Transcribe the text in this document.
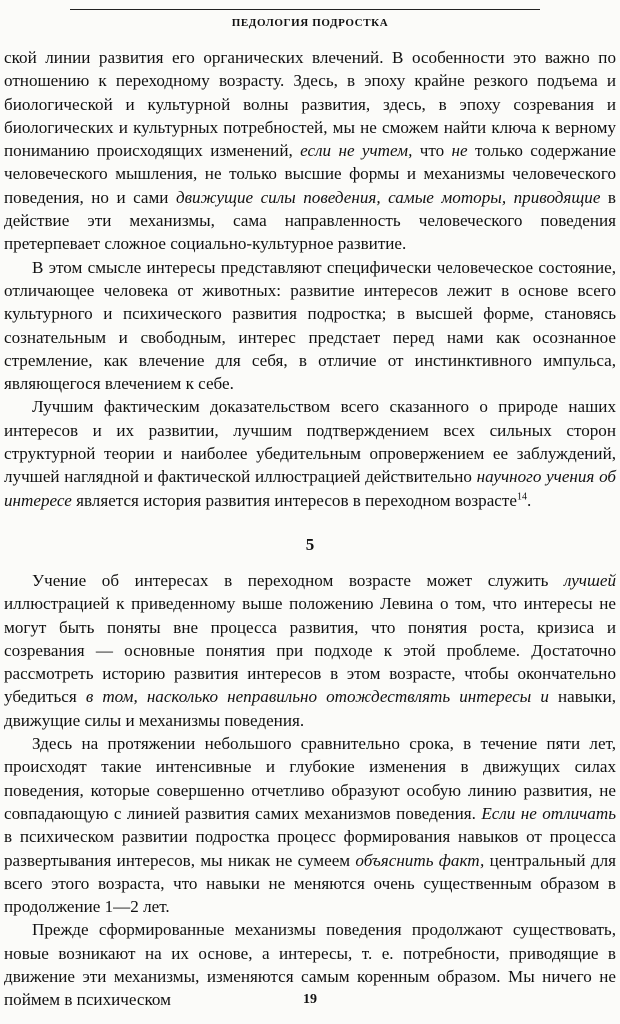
ПЕДОЛОГИЯ ПОДРОСТКА

ской линии развития его органических влечений. В особенности это важно по отношению к переходному возрасту. Здесь, в эпоху крайне резкого подъема и биологической и культурной волны развития, здесь, в эпоху созревания и биологических и культурных потребностей, мы не сможем найти ключа к верному пониманию происходящих изменений, если не учтем, что не только содержание человеческого мышления, не только высшие формы и механизмы человеческого поведения, но и сами движущие силы поведения, самые моторы, приводящие в действие эти механизмы, сама направленность человеческого поведения претерпевает сложное социально-культурное развитие.

В этом смысле интересы представляют специфически человеческое состояние, отличающее человека от животных: развитие интересов лежит в основе всего культурного и психического развития подростка; в высшей форме, становясь сознательным и свободным, интерес предстает перед нами как осознанное стремление, как влечение для себя, в отличие от инстинктивного импульса, являющегося влечением к себе.

Лучшим фактическим доказательством всего сказанного о природе наших интересов и их развитии, лучшим подтверждением всех сильных сторон структурной теории и наиболее убедительным опровержением ее заблуждений, лучшей наглядной и фактической иллюстрацией действительно научного учения об интересе является история развития интересов в переходном возрасте$^{14}$.

5

Учение об интересах в переходном возрасте может служить лучшей иллюстрацией к приведенному выше положению Левина о том, что интересы не могут быть поняты вне процесса развития, что понятия роста, кризиса и созревания — основные понятия при подходе к этой проблеме. Достаточно рассмотреть историю развития интересов в этом возрасте, чтобы окончательно убедиться в том, насколько неправильно отождествлять интересы и навыки, движущие силы и механизмы поведения.

Здесь на протяжении небольшого сравнительно срока, в течение пяти лет, происходят такие интенсивные и глубокие изменения в движущих силах поведения, которые совершенно отчетливо образуют особую линию развития, не совпадающую с линией развития самих механизмов поведения. Если не отличать в психическом развитии подростка процесс формирования навыков от процесса развертывания интересов, мы никак не сумеем объяснить факт, центральный для всего этого возраста, что навыки не меняются очень существенным образом в продолжение 1—2 лет.

Прежде сформированные механизмы поведения продолжают существовать, новые возникают на их основе, а интересы, т. е. потребности, приводящие в движение эти механизмы, изменяются самым коренным образом. Мы ничего не поймем в психическом	19
